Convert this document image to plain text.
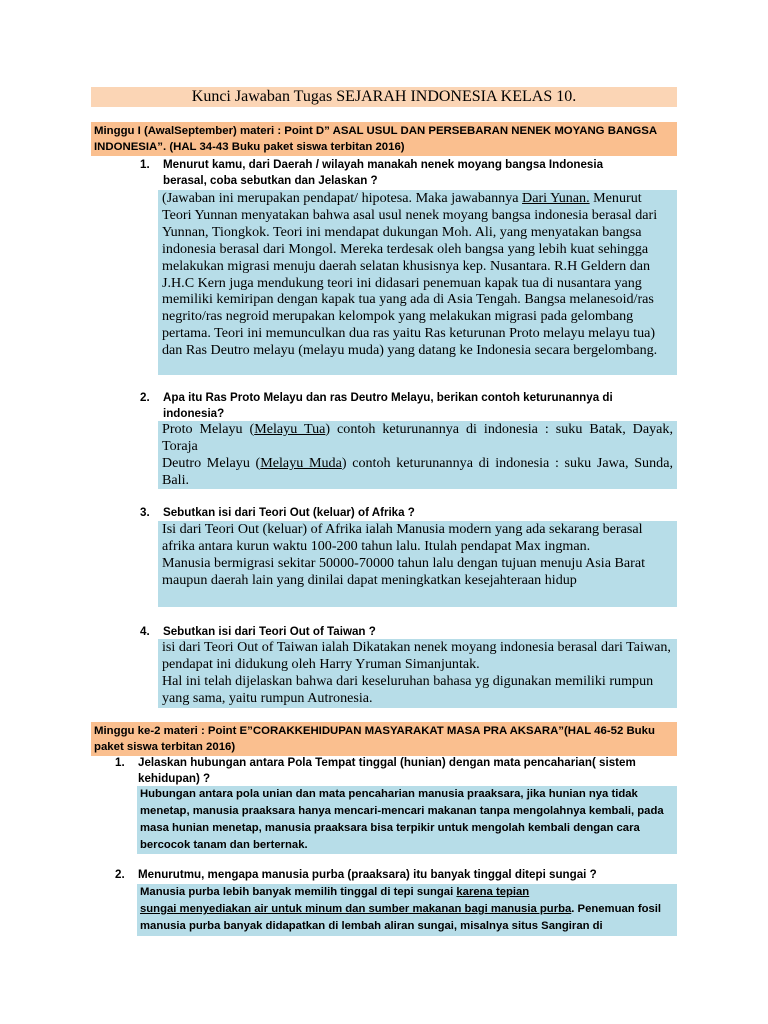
Kunci Jawaban Tugas SEJARAH INDONESIA KELAS 10.
Minggu I (AwalSeptember) materi : Point D” ASAL USUL DAN PERSEBARAN NENEK MOYANG BANGSA INDONESIA”. (HAL 34-43 Buku paket siswa terbitan 2016)
1. Menurut kamu, dari Daerah / wilayah manakah nenek moyang bangsa Indonesia berasal, coba sebutkan dan Jelaskan ?
(Jawaban ini merupakan pendapat/ hipotesa. Maka jawabannya Dari Yunan. Menurut Teori Yunnan menyatakan bahwa asal usul nenek moyang bangsa indonesia berasal dari Yunnan, Tiongkok. Teori ini mendapat dukungan Moh. Ali, yang menyatakan bangsa indonesia berasal dari Mongol. Mereka terdesak oleh bangsa yang lebih kuat sehingga melakukan migrasi menuju daerah selatan khusisnya kep. Nusantara. R.H Geldern dan J.H.C Kern juga mendukung teori ini didasari penemuan kapak tua di nusantara yang memiliki kemiripan dengan kapak tua yang ada di Asia Tengah. Bangsa melanesoid/ras negrito/ras negroid merupakan kelompok yang melakukan migrasi pada gelombang pertama. Teori ini memunculkan dua ras yaitu Ras keturunan Proto melayu melayu tua) dan Ras Deutro melayu (melayu muda) yang datang ke Indonesia secara bergelombang.
2. Apa itu Ras Proto Melayu dan ras Deutro Melayu, berikan contoh keturunannya di indonesia?

Proto Melayu (Melayu Tua) contoh keturunannya di indonesia : suku Batak, Dayak, Toraja

Deutro Melayu (Melayu Muda) contoh keturunannya di indonesia : suku Jawa, Sunda, Bali.

3. Sebutkan isi dari Teori Out (keluar) of Afrika ?

Isi dari Teori Out (keluar) of Afrika ialah Manusia modern yang ada sekarang berasal afrika antara kurun waktu 100-200 tahun lalu. Itulah pendapat Max ingman.

Manusia bermigrasi sekitar 50000-70000 tahun lalu dengan tujuan menuju Asia Barat maupun daerah lain yang dinilai dapat meningkatkan kesejahteraan hidup

4. Sebutkan isi dari Teori Out of Taiwan ?

isi dari Teori Out of Taiwan ialah Dikatakan nenek moyang indonesia berasal dari Taiwan, pendapat ini didukung oleh Harry Yruman Simanjuntak.

Hal ini telah dijelaskan bahwa dari keseluruhan bahasa yg digunakan memiliki rumpun yang sama, yaitu rumpun Autronesia.

Minggu ke-2 materi : Point E”CORAKKEHIDUPAN MASYARAKAT MASA PRA AKSARA”(HAL 46-52 Buku paket siswa terbitan 2016)
1. Jelaskan hubungan antara Pola Tempat tinggal (hunian) dengan mata pencaharian( sistem kehidupan) ?

Hubungan antara pola unian dan mata pencaharian manusia praaksara, jika hunian nya tidak menetap, manusia praaksara hanya mencari-mencari makanan tanpa mengolahnya kembali, pada masa hunian menetap, manusia praaksara bisa terpikir untuk mengolah kembali dengan cara bercocok tanam dan berternak.

2. Menurutmu, mengapa manusia purba (praaksara) itu banyak tinggal ditepi sungai ?
Manusia purba lebih banyak memilih tinggal di tepi sungai karena tepian
sungai menyediakan air untuk minum dan sumber makanan bagi manusia purba. Penemuan fosil manusia purba banyak didapatkan di lembah aliran sungai, misalnya situs Sangiran di
